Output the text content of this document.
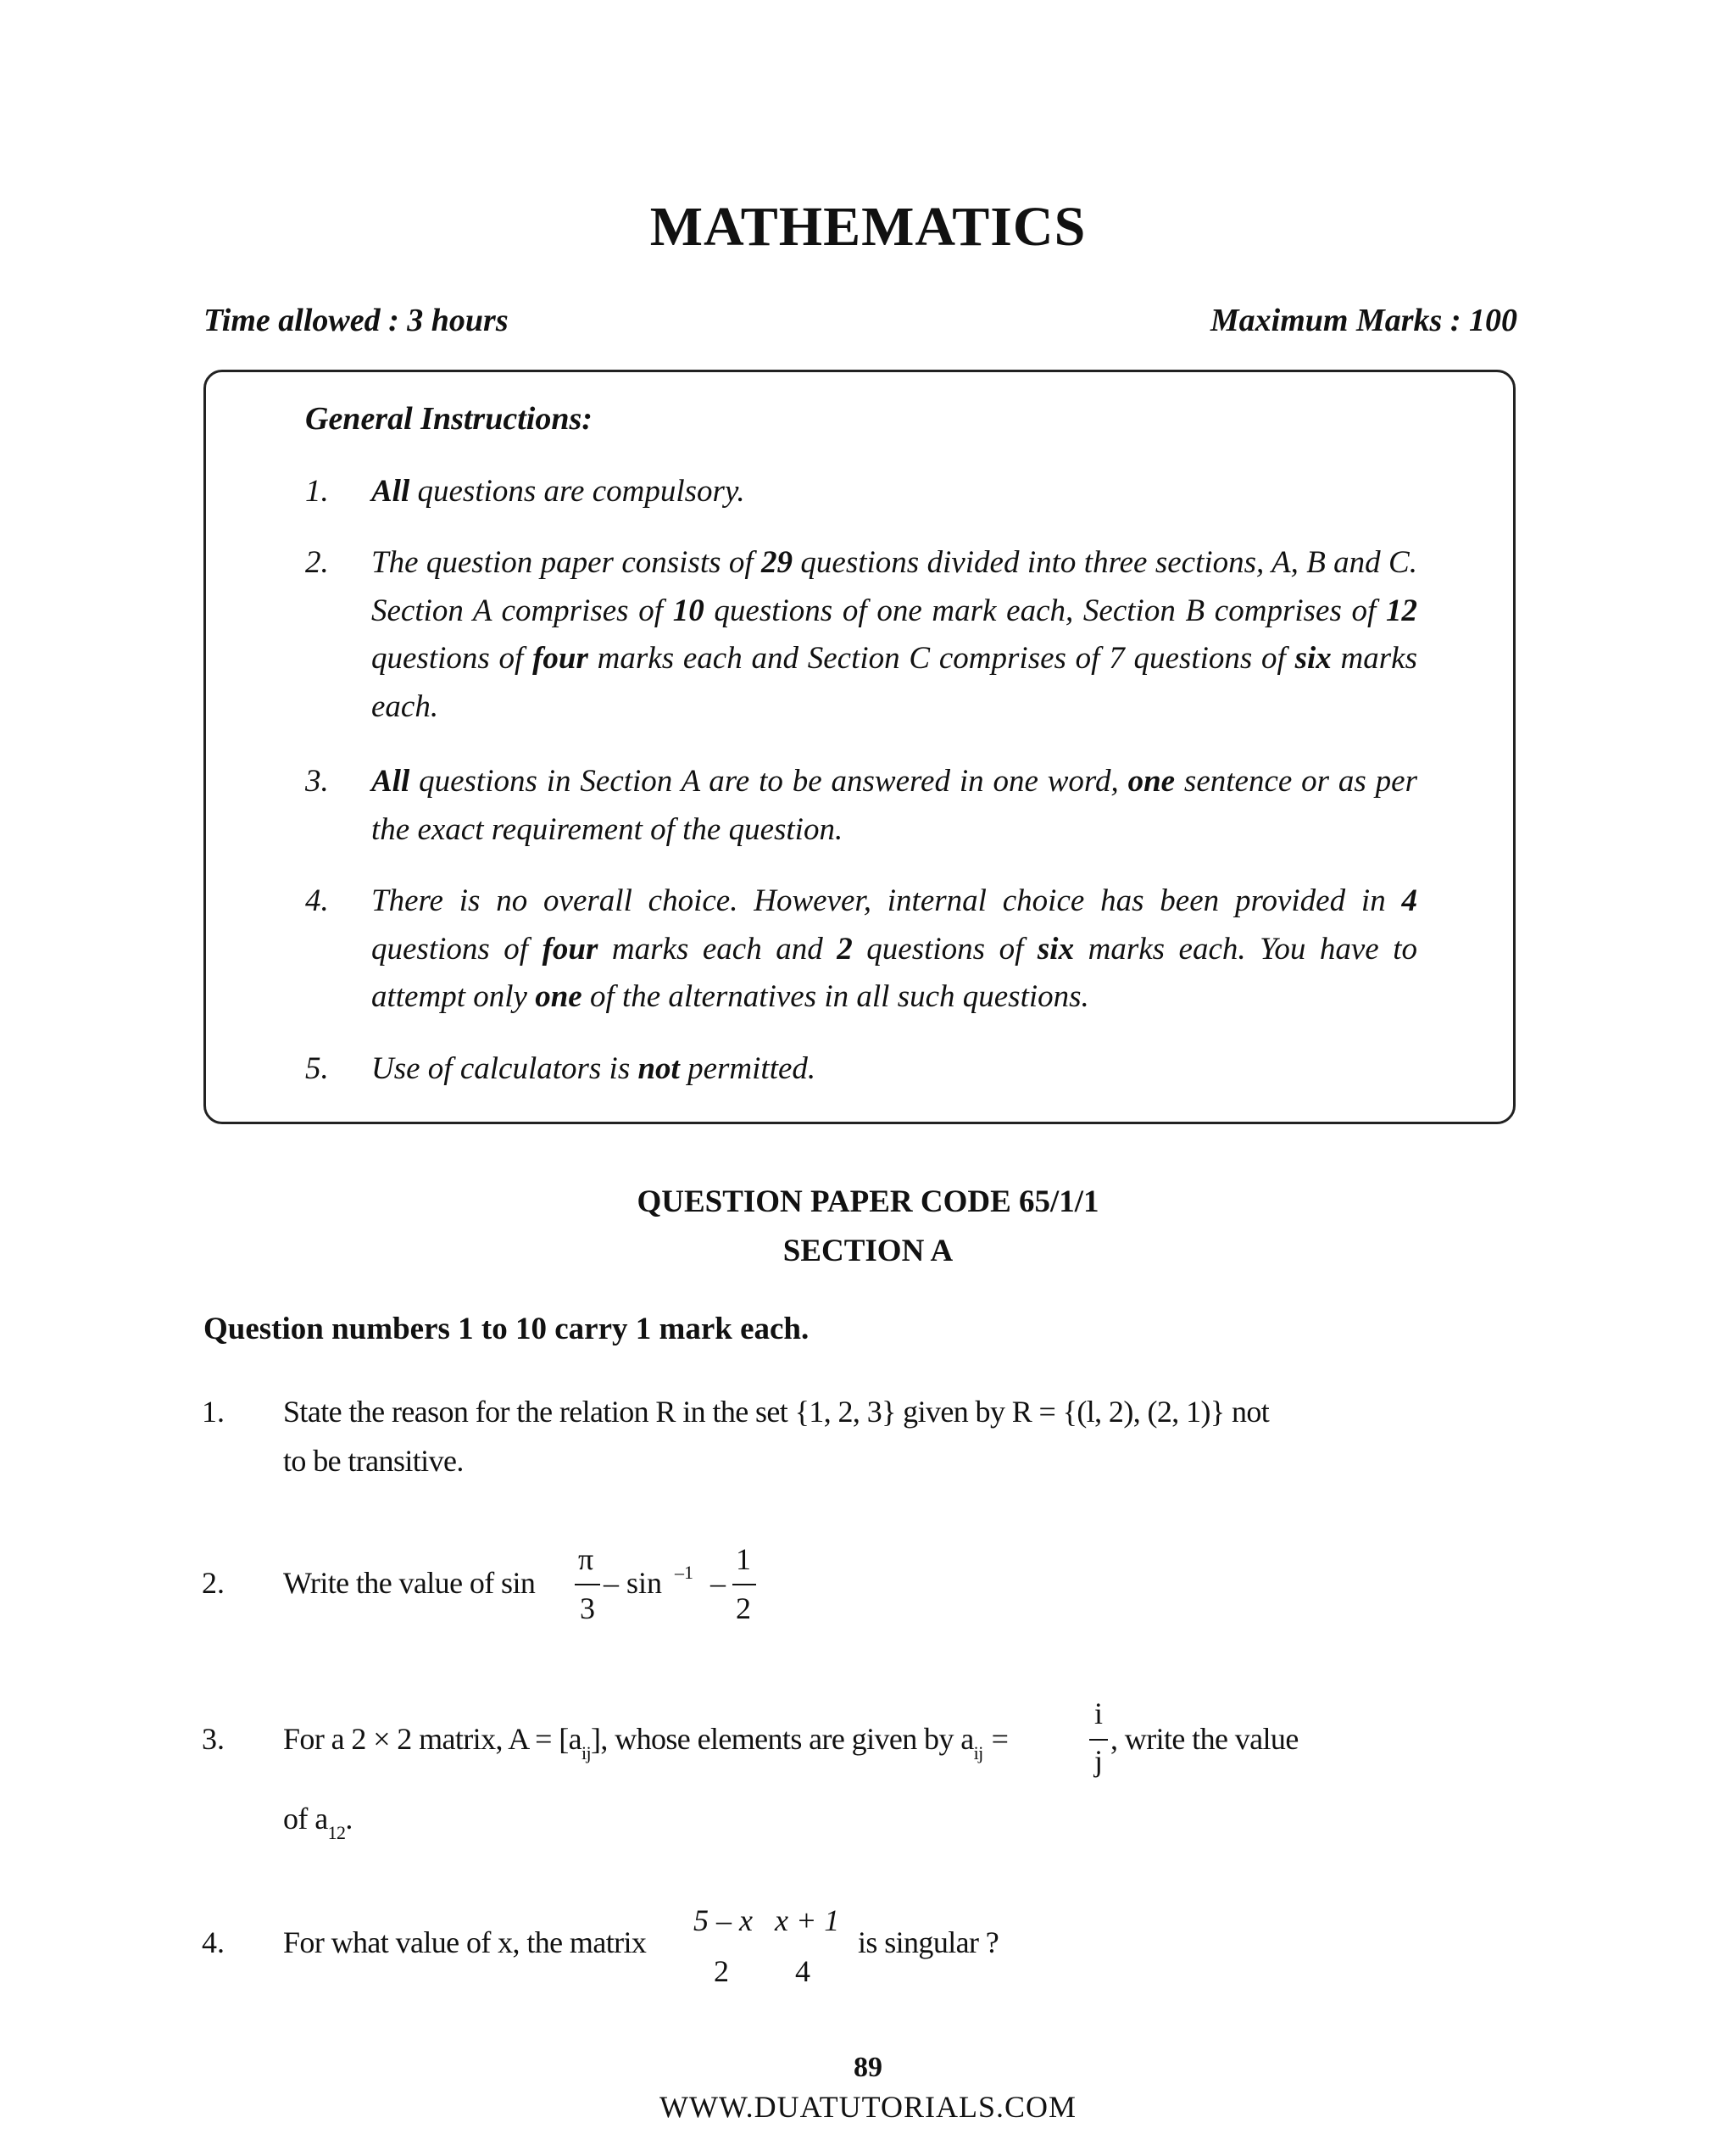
MATHEMATICS
Time allowed : 3 hours	Maximum Marks : 100
General Instructions:
1. All questions are compulsory.
2. The question paper consists of 29 questions divided into three sections, A, B and C. Section A comprises of 10 questions of one mark each, Section B comprises of 12 questions of four marks each and Section C comprises of 7 questions of six marks each.
3. All questions in Section A are to be answered in one word, one sentence or as per the exact requirement of the question.
4. There is no overall choice. However, internal choice has been provided in 4 questions of four marks each and 2 questions of six marks each. You have to attempt only one of the alternatives in all such questions.
5. Use of calculators is not permitted.
QUESTION PAPER CODE 65/1/1
SECTION A
Question numbers 1 to 10 carry 1 mark each.
1. State the reason for the relation R in the set {1, 2, 3} given by R = {(l, 2), (2, 1)} not
to be transitive.
2. Write the value of sin
π
3
– sin –1 –
1
2
3. For a 2 × 2 matrix, $A = [a_{ij}]$, whose elements are given by $a_{ij}$ =
i
j
, write the value
of $a_{12}$.
4. For what value of x, the matrix
5 – x x + 1
2 4
is singular ?
89
WWW.DUATUTORIALS.COM
